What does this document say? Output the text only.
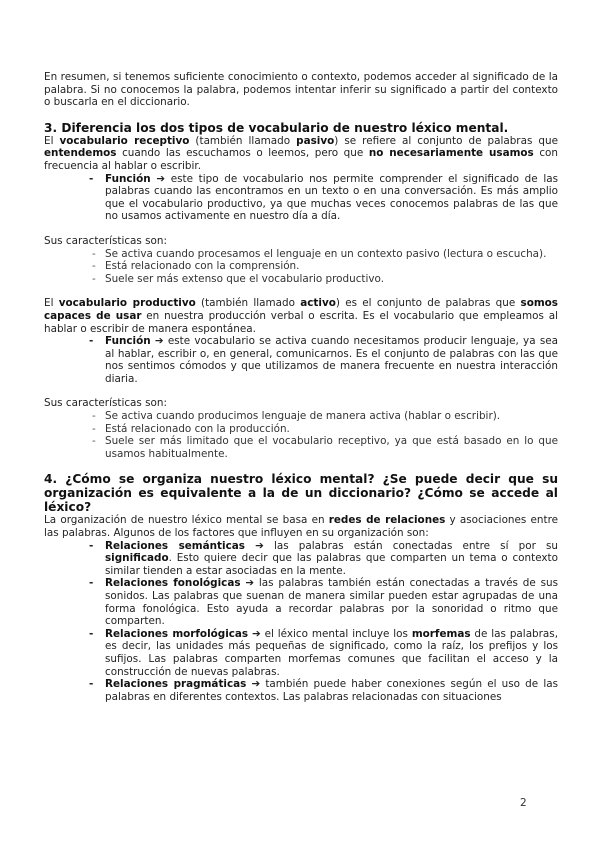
En resumen, si tenemos suficiente conocimiento o contexto, podemos acceder al significado de la palabra. Si no conocemos la palabra, podemos intentar inferir su significado a partir del contexto o buscarla en el diccionario.

3. Diferencia los dos tipos de vocabulario de nuestro léxico mental.

El vocabulario receptivo (también llamado pasivo) se refiere al conjunto de palabras que entendemos cuando las escuchamos o leemos, pero que no necesariamente usamos con frecuencia al hablar o escribir.

- Función ➔ este tipo de vocabulario nos permite comprender el significado de las palabras cuando las encontramos en un texto o en una conversación. Es más amplio que el vocabulario productivo, ya que muchas veces conocemos palabras de las que no usamos activamente en nuestro día a día.

Sus características son:

- Se activa cuando procesamos el lenguaje en un contexto pasivo (lectura o escucha).
- Está relacionado con la comprensión.
- Suele ser más extenso que el vocabulario productivo.

El vocabulario productivo (también llamado activo) es el conjunto de palabras que somos capaces de usar en nuestra producción verbal o escrita. Es el vocabulario que empleamos al hablar o escribir de manera espontánea.

- Función ➔ este vocabulario se activa cuando necesitamos producir lenguaje, ya sea al hablar, escribir o, en general, comunicarnos. Es el conjunto de palabras con las que nos sentimos cómodos y que utilizamos de manera frecuente en nuestra interacción diaria.

Sus características son:

- Se activa cuando producimos lenguaje de manera activa (hablar o escribir).
- Está relacionado con la producción.
- Suele ser más limitado que el vocabulario receptivo, ya que está basado en lo que usamos habitualmente.
4. ¿Cómo se organiza nuestro léxico mental? ¿Se puede decir que su organización es equivalente a la de un diccionario? ¿Cómo se accede al léxico?

La organización de nuestro léxico mental se basa en redes de relaciones y asociaciones entre las palabras. Algunos de los factores que influyen en su organización son:

- Relaciones semánticas ➔ las palabras están conectadas entre sí por su significado. Esto quiere decir que las palabras que comparten un tema o contexto similar tienden a estar asociadas en la mente.
- Relaciones fonológicas ➔ las palabras también están conectadas a través de sus sonidos. Las palabras que suenan de manera similar pueden estar agrupadas de una forma fonológica. Esto ayuda a recordar palabras por la sonoridad o ritmo que comparten.
- Relaciones morfológicas ➔ el léxico mental incluye los morfemas de las palabras, es decir, las unidades más pequeñas de significado, como la raíz, los prefijos y los sufijos. Las palabras comparten morfemas comunes que facilitan el acceso y la construcción de nuevas palabras.
- Relaciones pragmáticas ➔ también puede haber conexiones según el uso de las palabras en diferentes contextos. Las palabras relacionadas con situaciones
2
